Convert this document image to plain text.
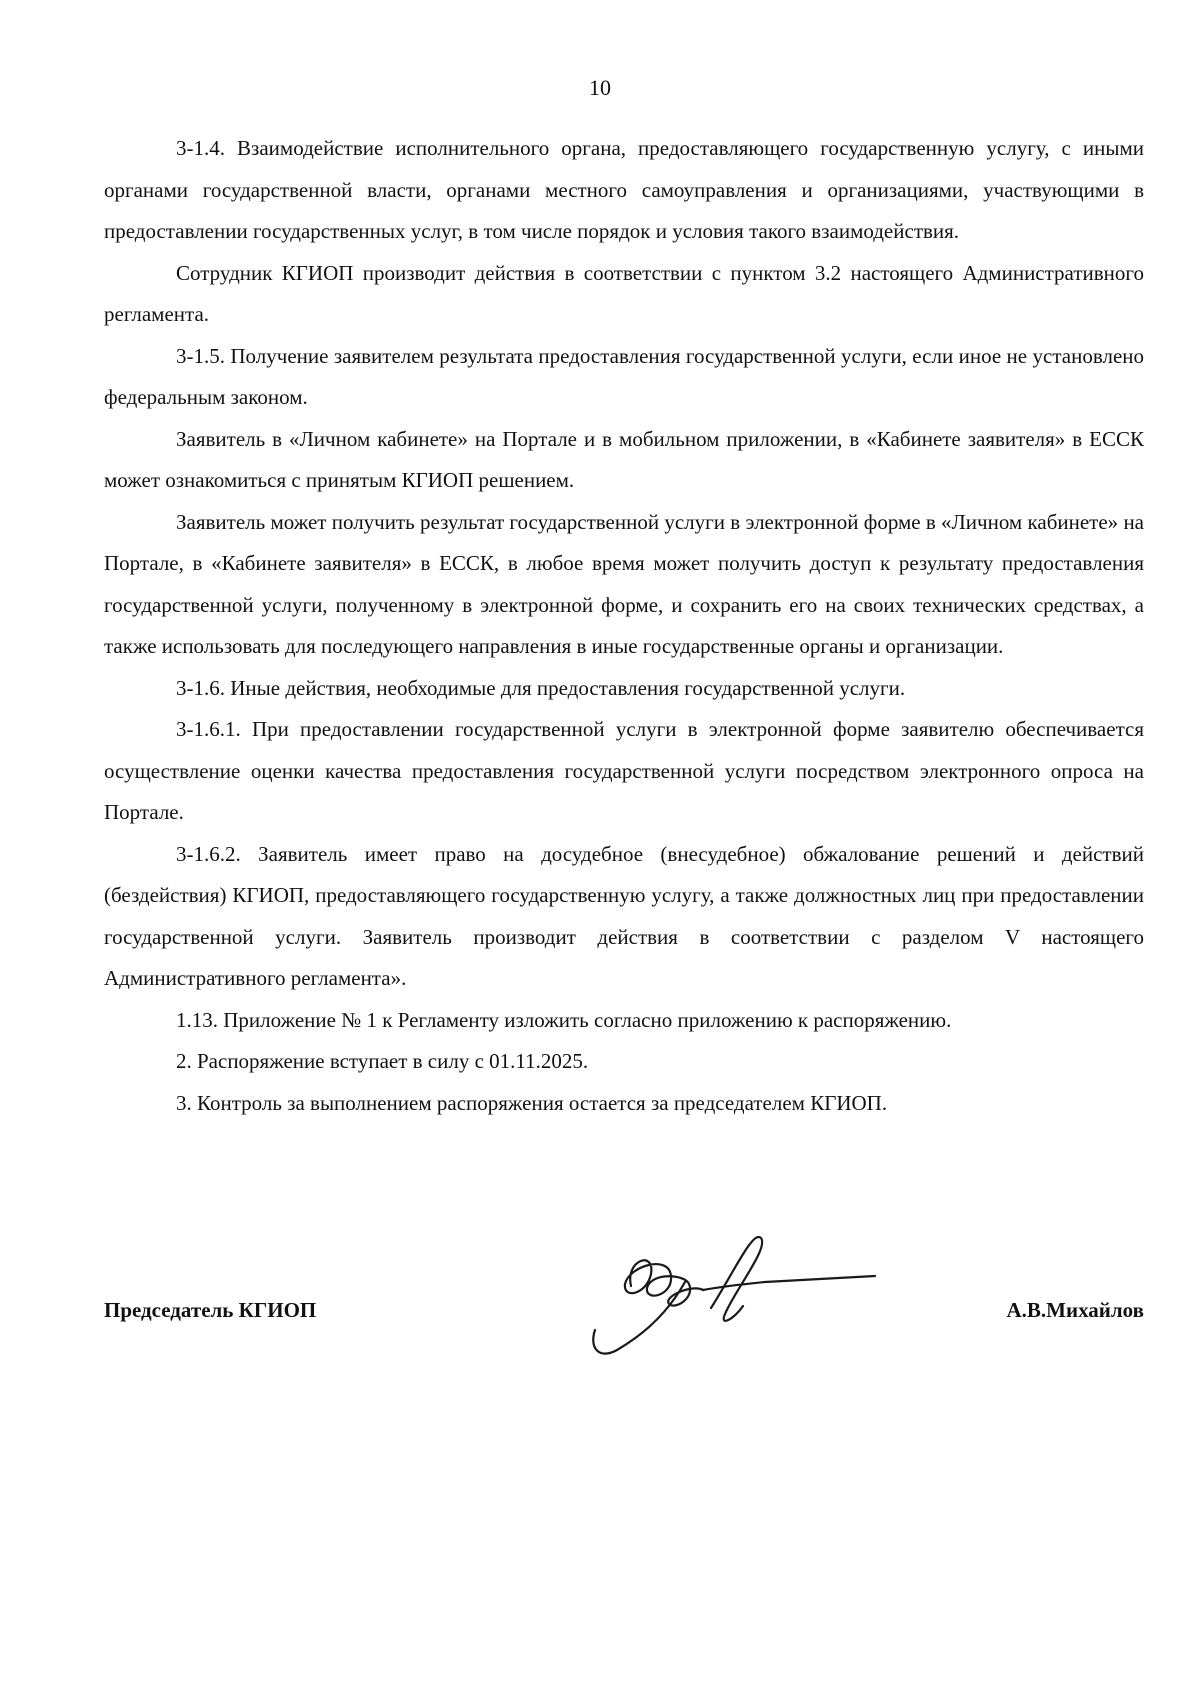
10

3-1.4. Взаимодействие исполнительного органа, предоставляющего государственную услугу, с иными органами государственной власти, органами местного самоуправления и организациями, участвующими в предоставлении государственных услуг, в том числе порядок и условия такого взаимодействия.

Сотрудник КГИОП производит действия в соответствии с пунктом 3.2 настоящего Административного регламента.

3-1.5. Получение заявителем результата предоставления государственной услуги, если иное не установлено федеральным законом.

Заявитель в «Личном кабинете» на Портале и в мобильном приложении, в «Кабинете заявителя» в ЕССК может ознакомиться с принятым КГИОП решением.

Заявитель может получить результат государственной услуги в электронной форме в «Личном кабинете» на Портале, в «Кабинете заявителя» в ЕССК, в любое время может получить доступ к результату предоставления государственной услуги, полученному в электронной форме, и сохранить его на своих технических средствах, а также использовать для последующего направления в иные государственные органы и организации.

3-1.6. Иные действия, необходимые для предоставления государственной услуги.

3-1.6.1. При предоставлении государственной услуги в электронной форме заявителю обеспечивается осуществление оценки качества предоставления государственной услуги посредством электронного опроса на Портале.

3-1.6.2. Заявитель имеет право на досудебное (внесудебное) обжалование решений и действий (бездействия) КГИОП, предоставляющего государственную услугу, а также должностных лиц при предоставлении государственной услуги. Заявитель производит действия в соответствии с разделом V настоящего Административного регламента».

1.13. Приложение № 1 к Регламенту изложить согласно приложению к распоряжению.

2. Распоряжение вступает в силу с 01.11.2025.

3. Контроль за выполнением распоряжения остается за председателем КГИОП.

Председатель КГИОП	А.В.Михайлов
